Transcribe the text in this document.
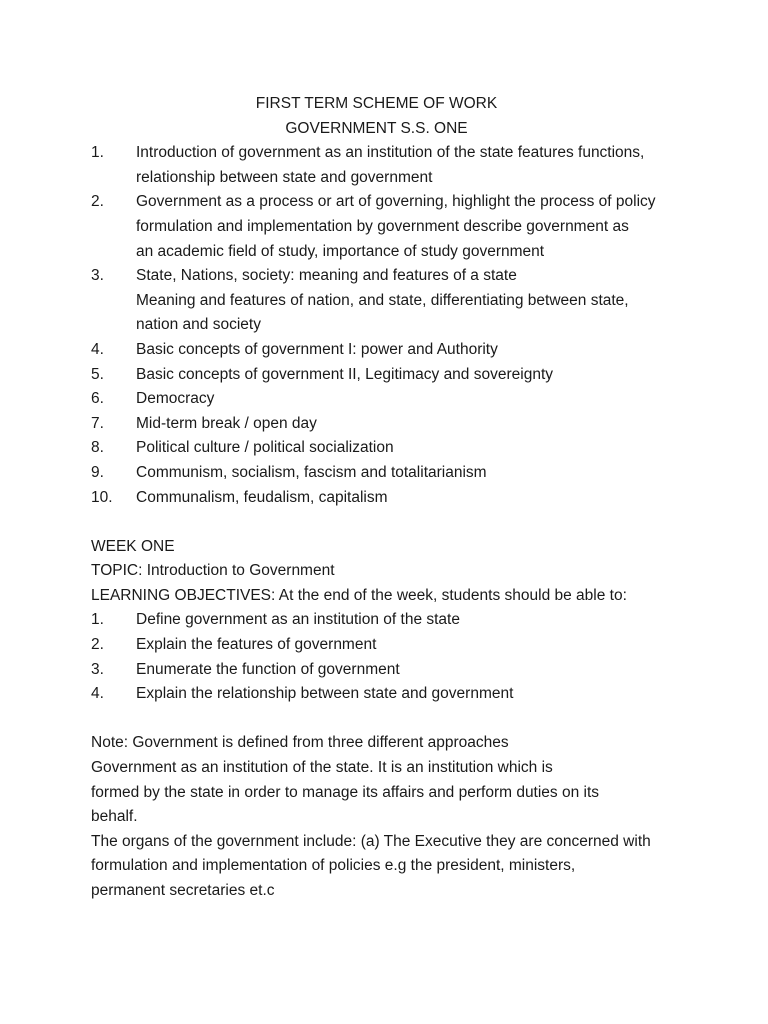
FIRST TERM SCHEME OF WORK

GOVERNMENT S.S. ONE

1.	Introduction of government as an institution of the state features functions,
relationship between state and government
2.	Government as a process or art of governing, highlight the process of policy
formulation and implementation by government describe government as
an academic field of study, importance of study government
3.	State, Nations, society: meaning and features of a state
Meaning and features of nation, and state, differentiating between state,
nation and society
4.	Basic concepts of government I: power and Authority
5.	Basic concepts of government II, Legitimacy and sovereignty
6.	Democracy
7.	Mid-term break / open day
8.	Political culture / political socialization
9.	Communism, socialism, fascism and totalitarianism
10.	Communalism, feudalism, capitalism

WEEK ONE

TOPIC: Introduction to Government

LEARNING OBJECTIVES: At the end of the week, students should be able to:

1.	Define government as an institution of the state
2.	Explain the features of government
3.	Enumerate the function of government
4.	Explain the relationship between state and government

Note: Government is defined from three different approaches

Government as an institution of the state. It is an institution which is

formed by the state in order to manage its affairs and perform duties on its

behalf.

The organs of the government include: (a) The Executive they are concerned with

formulation and implementation of policies e.g the president, ministers,

permanent secretaries et.c
